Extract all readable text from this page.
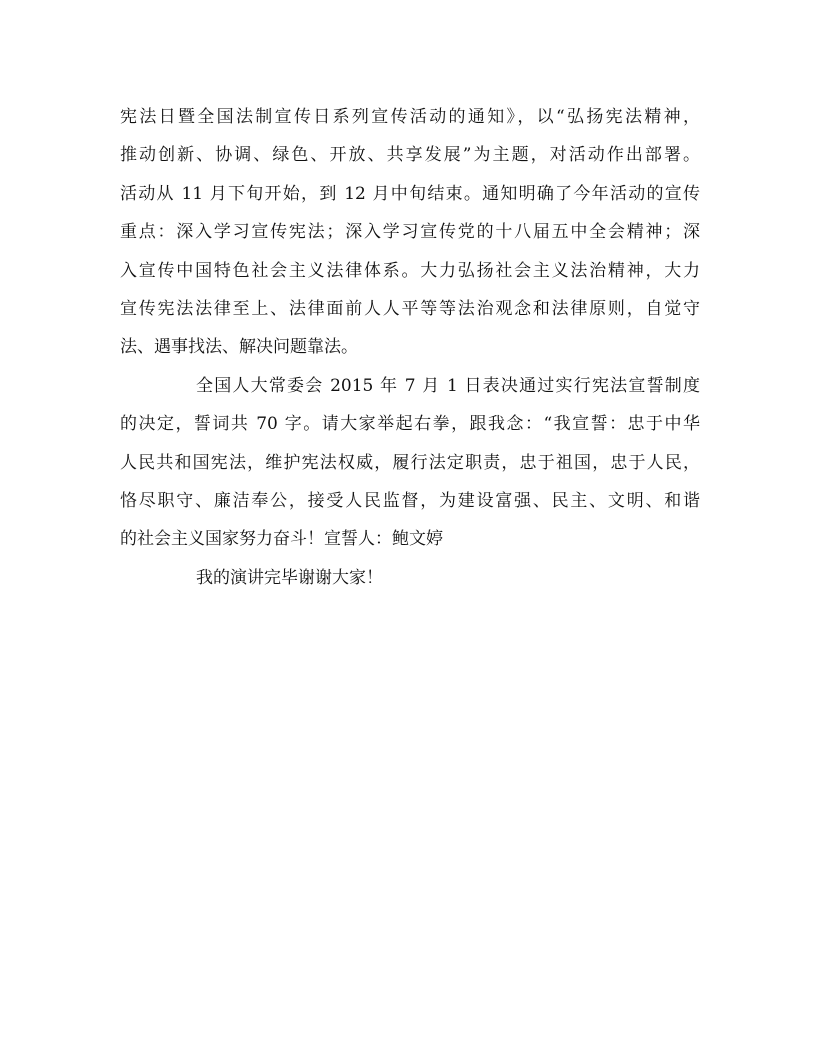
宪法日暨全国法制宣传日系列宣传活动的通知》，以“弘扬宪法精神，
推动创新、协调、绿色、开放、共享发展”为主题，对活动作出部署。
活动从 11 月下旬开始，到 12 月中旬结束。通知明确了今年活动的宣传
重点：深入学习宣传宪法；深入学习宣传党的十八届五中全会精神；深
入宣传中国特色社会主义法律体系。大力弘扬社会主义法治精神，大力
宣传宪法法律至上、法律面前人人平等等法治观念和法律原则，自觉守
法、遇事找法、解决问题靠法。
全国人大常委会 2015 年 7 月 1 日表决通过实行宪法宣誓制度
的决定，誓词共 70 字。请大家举起右拳，跟我念：“我宣誓：忠于中华
人民共和国宪法，维护宪法权威，履行法定职责，忠于祖国，忠于人民，
恪尽职守、廉洁奉公，接受人民监督，为建设富强、民主、文明、和谐
的社会主义国家努力奋斗！宣誓人：鲍文婷
我的演讲完毕谢谢大家！
